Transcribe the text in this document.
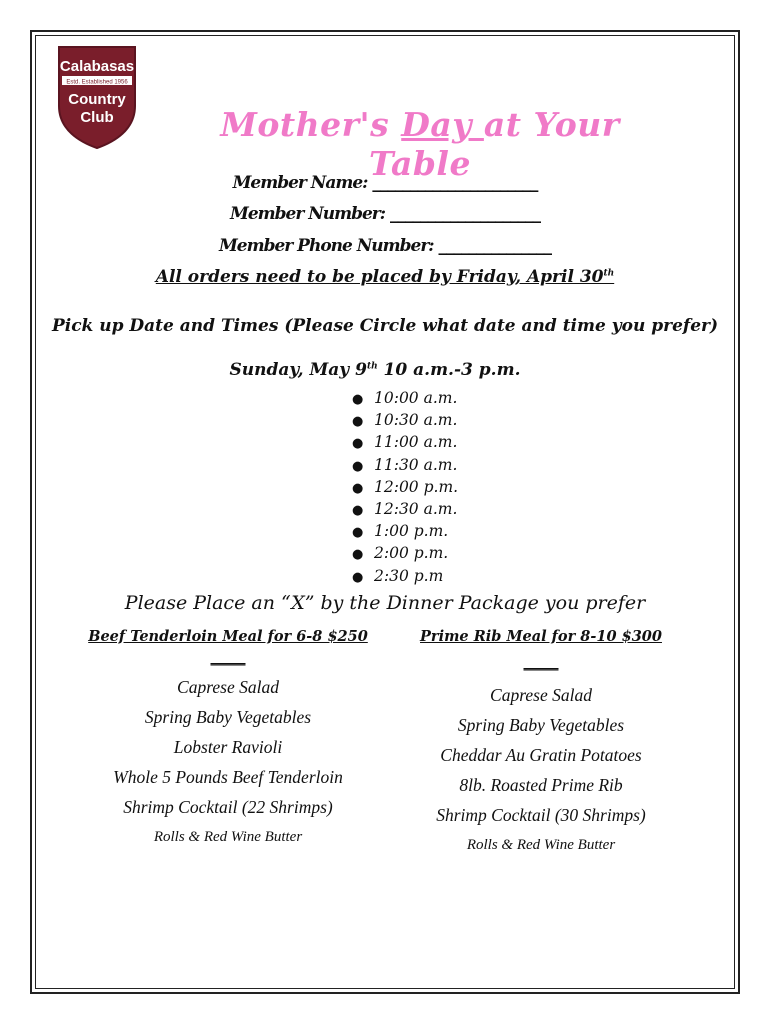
Calabasas
Estd. Established 1956
Country
Club	Mother's Day at Your Table
Member Name: ______________________
Member Number: ____________________
Member Phone Number: _______________
All orders need to be placed by Friday, April 30th
Pick up Date and Times (Please Circle what date and time you prefer)
Sunday, May 9th 10 a.m.-3 p.m.
● 10:00 a.m.
● 10:30 a.m.
● 11:00 a.m.
● 11:30 a.m.
● 12:00 p.m.
● 12:30 a.m.
● 1:00 p.m.
● 2:00 p.m.
● 2:30 p.m
Please Place an “X” by the Dinner Package you prefer
Beef Tenderloin Meal for 6-8 $250
_____
Caprese Salad
Spring Baby Vegetables
Lobster Ravioli
Whole 5 Pounds Beef Tenderloin
Shrimp Cocktail (22 Shrimps)
Rolls & Red Wine Butter
Prime Rib Meal for 8-10 $300
_____
Caprese Salad
Spring Baby Vegetables
Cheddar Au Gratin Potatoes
8lb. Roasted Prime Rib
Shrimp Cocktail (30 Shrimps)
Rolls & Red Wine Butter
